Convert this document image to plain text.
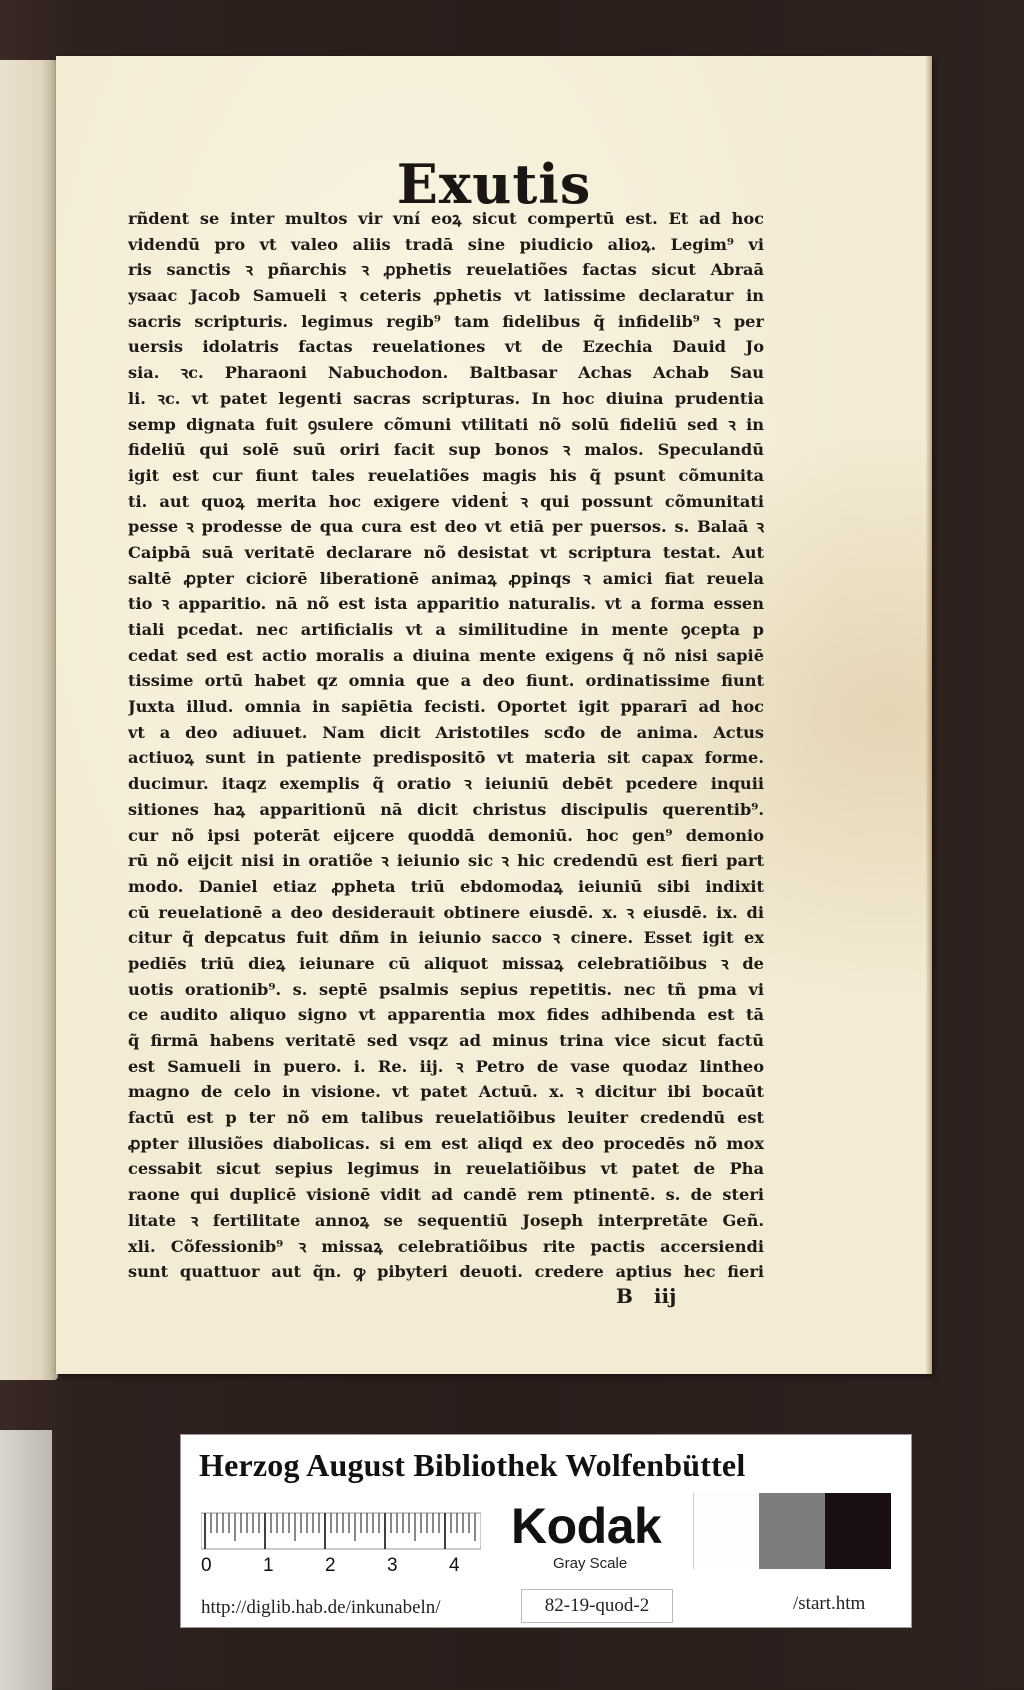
Exutis
rñdent se inter multos vir vní eoꝝ sicut compertū est. Et ad hoc
videndū pro vt valeo aliis tradā sine piudicio alioꝝ. Legim⁹ vi
ris sanctis ꝛ pñarchis ꝛ ꝓphetis reuelatiões factas sicut Abraā
ysaac Jacob Samueli ꝛ ceteris ꝓphetis vt latissime declaratur in
sacris scripturis. legimus regib⁹ tam fidelibus q̃ infidelib⁹ ꝛ per
uersis idolatris factas reuelationes vt de Ezechia Dauid Jo
sia. ꝛc. Pharaoni Nabuchodon. Baltbasar Achas Achab Sau
li. ꝛc. vt patet legenti sacras scripturas. In hoc diuina prudentia
semp dignata fuit ꝯsulere cõmuni vtilitati nõ solū fideliū sed ꝛ in
fideliū qui solē suū oriri facit sup bonos ꝛ malos. Speculandū
igit est cur fiunt tales reuelatiões magis his q̃ psunt cõmunita
ti. aut quoꝝ merita hoc exigere videnṫ ꝛ qui possunt cõmunitati
pesse ꝛ prodesse de qua cura est deo vt etiā per puersos. s. Balaā ꝛ
Caipbā suā veritatē declarare nõ desistat vt scriptura testat. Aut
saltē ꝓpter ciciorē liberationē animaꝝ ꝓpinqs ꝛ amici fiat reuela
tio ꝛ apparitio. nā nõ est ista apparitio naturalis. vt a forma essen
tiali pcedat. nec artificialis vt a similitudine in mente ꝯcepta p
cedat sed est actio moralis a diuina mente exigens q̃ nõ nisi sapiē
tissime ortū habet qz omnia que a deo fiunt. ordinatissime fiunt
Juxta illud. omnia in sapiētia fecisti. Oportet igit ppararī ad hoc
vt a deo adiuuet. Nam dicit Aristotiles scđo de anima. Actus
actiuoꝝ sunt in patiente predispositō vt materia sit capax forme.
ducimur. itaqz exemplis q̃ oratio ꝛ ieiuniū debēt pcedere inquii
sitiones haꝝ apparitionū nā dicit christus discipulis querentib⁹.
cur nõ ipsi poterāt eijcere quoddā demoniū. hoc gen⁹ demonio
rū nõ eijcit nisi in oratiõe ꝛ ieiunio sic ꝛ hic credendū est fieri part
modo. Daniel etiaz ꝓpheta triū ebdomodaꝝ ieiuniū sibi indixit
cū reuelationē a deo desiderauit obtinere eiusdē. x. ꝛ eiusdē. ix. di
citur q̃ depcatus fuit dñm in ieiunio sacco ꝛ cinere. Esset igit ex
pediēs triū dieꝝ ieiunare cū aliquot missaꝝ celebratiõibus ꝛ de
uotis orationib⁹. s. septē psalmis sepius repetitis. nec tñ pma vi
ce audito aliquo signo vt apparentia mox fides adhibenda est tā
q̃ firmā habens veritatē sed vsqz ad minus trina vice sicut factū
est Samueli in puero. i. Re. iij. ꝛ Petro de vase quodaz lintheo
magno de celo in visione. vt patet Actuū. x. ꝛ dicitur ibi bocaūt
factū est p ter nõ em talibus reuelatiõibus leuiter credendū est
ꝓpter illusiões diabolicas. si em est aliqd ex deo procedēs nõ mox
cessabit sicut sepius legimus in reuelatiõibus vt patet de Pha
raone qui duplicē visionē vidit ad candē rem ptinentē. s. de steri
litate ꝛ fertilitate annoꝝ se sequentiū Joseph interpretāte Geñ.
xli. Cõfessionib⁹ ꝛ missaꝝ celebratiõibus rite pactis accersiendi
sunt quattuor aut q̃n. ꝙ pibyteri deuoti. credere aptius hec fieri
B iij
Herzog August Bibliothek Wolfenbüttel
0	1	2	3	4
Kodak
Gray Scale
http://diglib.hab.de/inkunabeln/	82-19-quod-2	/start.htm
